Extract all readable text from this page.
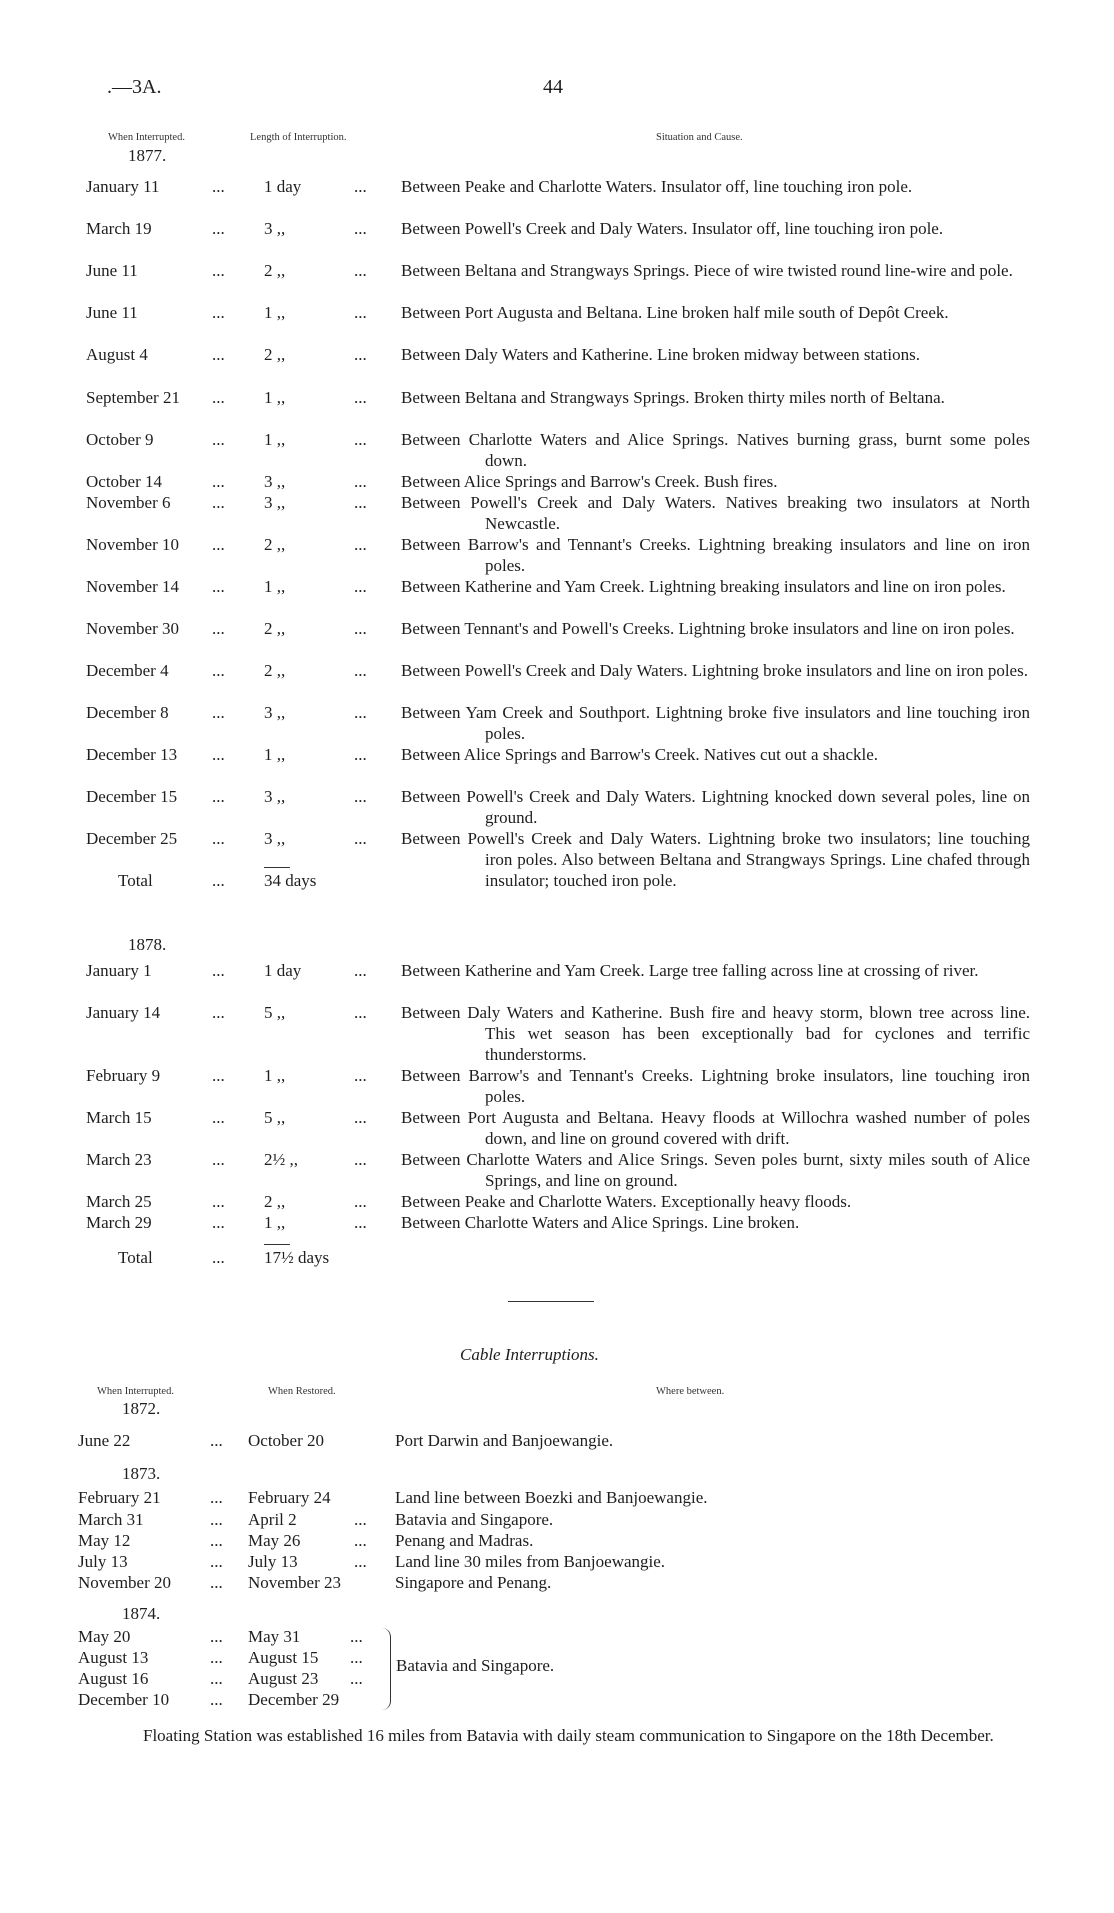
.—3A.	44
When Interrupted.	Length of Interruption.	Situation and Cause.
1877.
January 11	... 1 day	... Between Peake and Charlotte Waters. Insulator off, line touching iron pole.
March 19	... 3 ,,	... Between Powell's Creek and Daly Waters. Insulator off, line touching iron pole.
June 11	... 2 ,,	... Between Beltana and Strangways Springs. Piece of wire twisted round line-wire and pole.
June 11	... 1 ,,	... Between Port Augusta and Beltana. Line broken half mile south of Depôt Creek.
August 4	... 2 ,,	... Between Daly Waters and Katherine. Line broken midway between stations.
September 21 ... 1 ,,	... Between Beltana and Strangways Springs. Broken thirty miles north of Beltana.
October 9	... 1 ,,	... Between Charlotte Waters and Alice Springs. Natives burning grass, burnt some poles down.
October 14	... 3 ,,	... Between Alice Springs and Barrow's Creek. Bush fires.
November 6 ... 3 ,,	... Between Powell's Creek and Daly Waters. Natives breaking two insulators at North Newcastle.
November 10 ... 2 ,,	... Between Barrow's and Tennant's Creeks. Lightning breaking insulators and line on iron poles.
November 14 ... 1 ,,	... Between Katherine and Yam Creek. Lightning breaking insulators and line on iron poles.
November 30 ... 2 ,,	... Between Tennant's and Powell's Creeks. Lightning broke insulators and line on iron poles.
December 4	... 2 ,,	... Between Powell's Creek and Daly Waters. Lightning broke insulators and line on iron poles.
December 8	... 3 ,,	... Between Yam Creek and Southport. Lightning broke five insulators and line touching iron poles.
December 13 ... 1 ,,	... Between Alice Springs and Barrow's Creek. Natives cut out a shackle.
December 15 ... 3 ,,	... Between Powell's Creek and Daly Waters. Lightning knocked down several poles, line on ground.
December 25 ... 3 ,,	... Between Powell's Creek and Daly Waters. Lightning broke two insulators; line touching iron poles. Also between Beltana and Strangways Springs. Line chafed through insulator; touched iron pole.
Total	... 34 days
1878.
January 1	... 1 day	... Between Katherine and Yam Creek. Large tree falling across line at crossing of river.
January 14	... 5 ,,	... Between Daly Waters and Katherine. Bush fire and heavy storm, blown tree across line. This wet season has been exceptionally bad for cyclones and terrific thunderstorms.
February 9	... 1 ,,	... Between Barrow's and Tennant's Creeks. Lightning broke insulators, line touching iron poles.
March 15	... 5 ,,	... Between Port Augusta and Beltana. Heavy floods at Willochra washed number of poles down, and line on ground covered with drift.
March 23	... 2½ ,,	... Between Charlotte Waters and Alice Srings. Seven poles burnt, sixty miles south of Alice Springs, and line on ground.
March 25	... 2 ,,	... Between Peake and Charlotte Waters. Exceptionally heavy floods.
March 29	... 1 ,,	... Between Charlotte Waters and Alice Springs. Line broken.
Total	... 17½ days
Cable Interruptions.
When Interrupted.	When Restored.	Where between.
1872.
June 22	... October 20	Port Darwin and Banjoewangie.
1873.
February 21	... February 24	Land line between Boezki and Banjoewangie.
March 31	... April 2	... Batavia and Singapore.
May 12	... May 26	... Penang and Madras.
July 13	... July 13	... Land line 30 miles from Banjoewangie.
November 20 ... November 23	Singapore and Penang.
1874.
May 20	... May 31	...
August 13	... August 15 ...
August 16	... August 23 ...
December 10 ... December 29
Batavia and Singapore.
Floating Station was established 16 miles from Batavia with daily steam communication to Singapore on the 18th December.
